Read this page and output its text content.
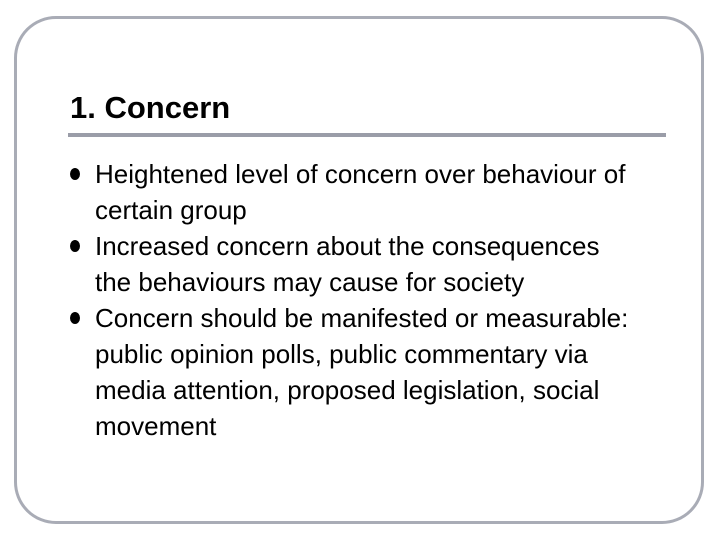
1. Concern
Heightened level of concern over behaviour of certain group
Increased concern about the consequences the behaviours may cause for society
Concern should be manifested or measurable: public opinion polls, public commentary via media attention, proposed legislation, social movement
